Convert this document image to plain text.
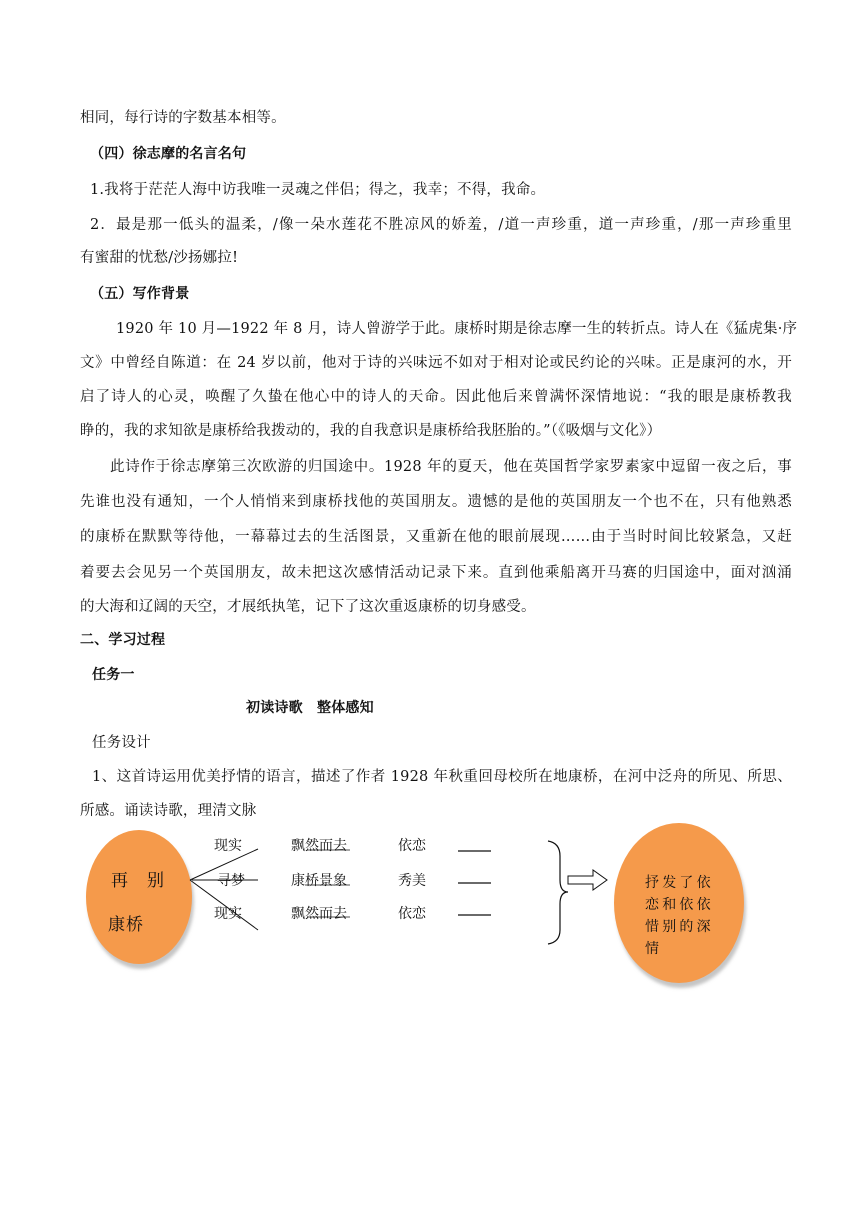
相同，每行诗的字数基本相等。
（四）徐志摩的名言名句
1.我将于茫茫人海中访我唯一灵魂之伴侣；得之，我幸；不得，我命。
2．最是那一低头的温柔，/像一朵水莲花不胜凉风的娇羞，/道一声珍重，道一声珍重，/那一声珍重里
有蜜甜的忧愁/沙扬娜拉!
（五）写作背景
1920 年 10 月—1922 年 8 月，诗人曾游学于此。康桥时期是徐志摩一生的转折点。诗人在《猛虎集·序
文》中曾经自陈道：在 24 岁以前，他对于诗的兴味远不如对于相对论或民约论的兴味。正是康河的水，开
启了诗人的心灵，唤醒了久蛰在他心中的诗人的天命。因此他后来曾满怀深情地说：“我的眼是康桥教我
睁的，我的求知欲是康桥给我拨动的，我的自我意识是康桥给我胚胎的。”（《吸烟与文化》）
此诗作于徐志摩第三次欧游的归国途中。1928 年的夏天，他在英国哲学家罗素家中逗留一夜之后，事
先谁也没有通知，一个人悄悄来到康桥找他的英国朋友。遗憾的是他的英国朋友一个也不在，只有他熟悉
的康桥在默默等待他，一幕幕过去的生活图景，又重新在他的眼前展现……由于当时时间比较紧急，又赶
着要去会见另一个英国朋友，故未把这次感情活动记录下来。直到他乘船离开马赛的归国途中，面对汹涌
的大海和辽阔的天空，才展纸执笔，记下了这次重返康桥的切身感受。
二、学习过程
任务一
初读诗歌　整体感知
任务设计
1、这首诗运用优美抒情的语言，描述了作者 1928 年秋重回母校所在地康桥，在河中泛舟的所见、所思、
所感。诵读诗歌，理清文脉
再　别
康桥
现实	飘然而去	依恋
寻梦	康桥景象	秀美
现实	飘然而去	依恋
抒发了依
恋和依依
惜别的深
情
